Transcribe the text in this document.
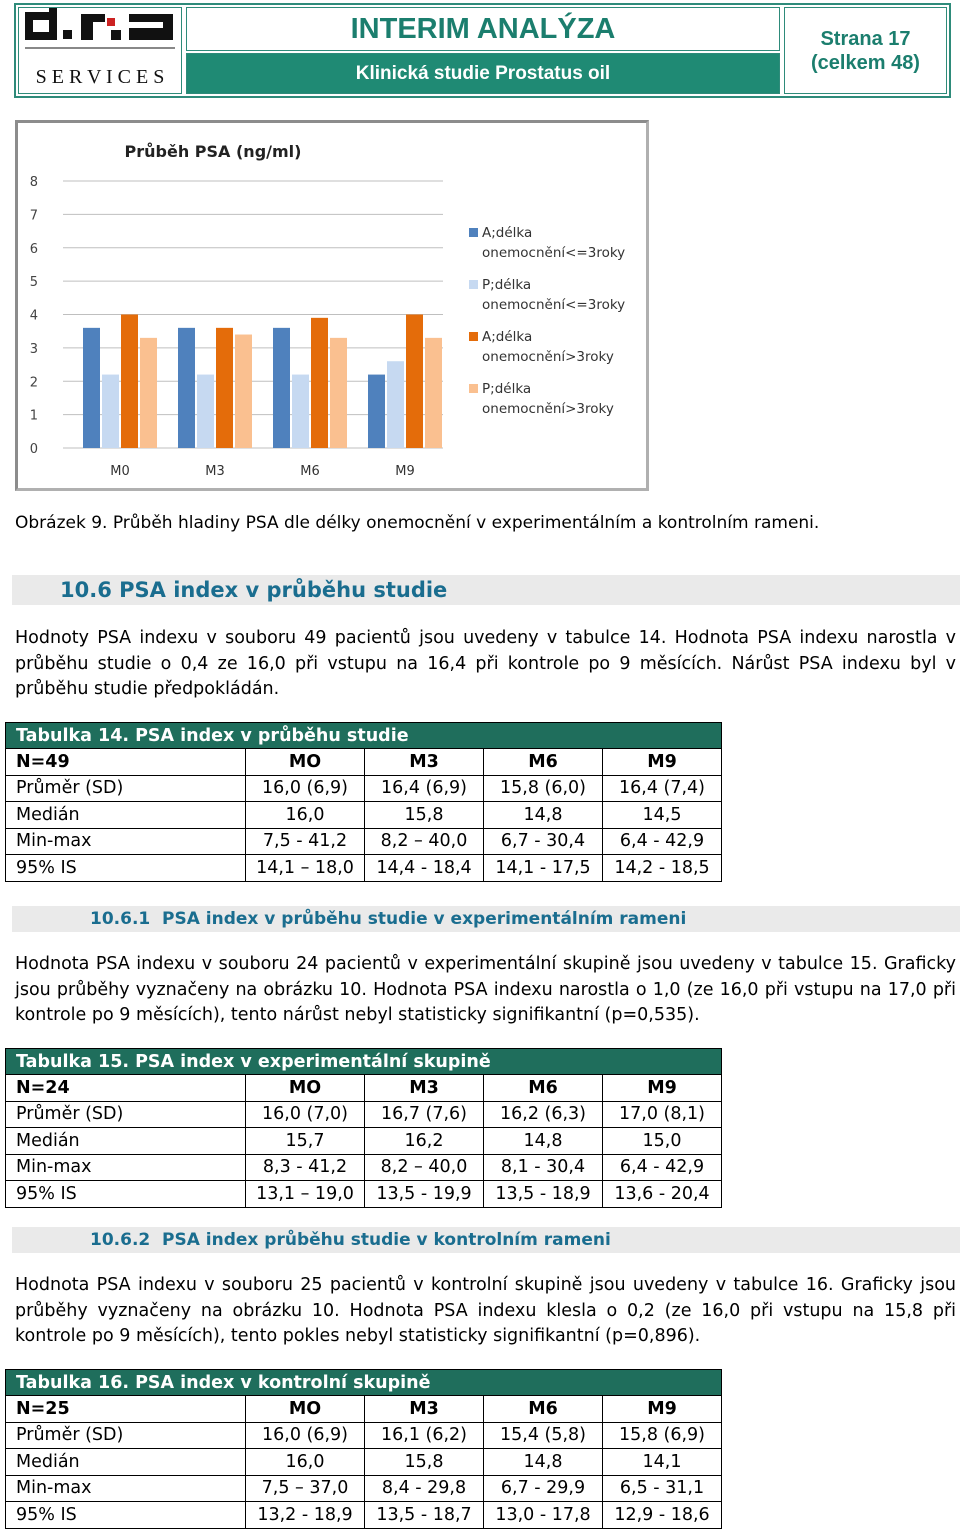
S E R V I C E S
INTERIM ANALÝZA
Klinická studie Prostatus oil
Strana 17
(celkem 48)
Průběh PSA (ng/ml)
0
1
2
3
4
5
6
7
8
M0	M3	M6	M9
A;délka
onemocnění<=3roky
P;délka
onemocnění<=3roky
A;délka
onemocnění>3roky
P;délka
onemocnění>3roky
Obrázek 9. Průběh hladiny PSA dle délky onemocnění v experimentálním a kontrolním rameni.
10.6
PSA index v průběhu studie
Hodnoty PSA indexu v souboru 49 pacientů jsou uvedeny v tabulce 14. Hodnota PSA indexu narostla v průběhu studie o 0,4 ze 16,0 při vstupu na 16,4 při kontrole po 9 měsících. Nárůst PSA indexu byl v průběhu studie předpokládán.
Tabulka 14. PSA index v průběhu studie				
N=49	MO	M3	M6	M9
Průměr (SD)	16,0 (6,9)	16,4 (6,9)	15,8 (6,0)	16,4 (7,4)
Medián	16,0	15,8	14,8	14,5
Min-max	7,5 - 41,2	8,2 – 40,0	6,7 - 30,4	6,4 - 42,9
95% IS	14,1 – 18,0	14,4 - 18,4	14,1 - 17,5	14,2 - 18,5
10.6.1 PSA index v průběhu studie v experimentálním rameni
Hodnota PSA indexu v souboru 24 pacientů v experimentální skupině jsou uvedeny v tabulce 15. Graficky jsou průběhy vyznačeny na obrázku 10. Hodnota PSA indexu narostla o 1,0 (ze 16,0 při vstupu na 17,0 při kontrole po 9 měsících), tento nárůst nebyl statisticky signifikantní (p=0,535).
Tabulka 15. PSA index v experimentální skupině				
N=24	MO	M3	M6	M9
Průměr (SD)	16,0 (7,0)	16,7 (7,6)	16,2 (6,3)	17,0 (8,1)
Medián	15,7	16,2	14,8	15,0
Min-max	8,3 - 41,2	8,2 – 40,0	8,1 - 30,4	6,4 - 42,9
95% IS	13,1 – 19,0	13,5 - 19,9	13,5 - 18,9	13,6 - 20,4
10.6.2 PSA index průběhu studie v kontrolním rameni
Hodnota PSA indexu v souboru 25 pacientů v kontrolní skupině jsou uvedeny v tabulce 16. Graficky jsou průběhy vyznačeny na obrázku 10. Hodnota PSA indexu klesla o 0,2 (ze 16,0 při vstupu na 15,8 při kontrole po 9 měsících), tento pokles nebyl statisticky signifikantní (p=0,896).
Tabulka 16. PSA index v kontrolní skupině				
N=25	MO	M3	M6	M9
Průměr (SD)	16,0 (6,9)	16,1 (6,2)	15,4 (5,8)	15,8 (6,9)
Medián	16,0	15,8	14,8	14,1
Min-max	7,5 – 37,0	8,4 - 29,8	6,7 - 29,9	6,5 - 31,1
95% IS	13,2 - 18,9	13,5 - 18,7	13,0 - 17,8	12,9 - 18,6
